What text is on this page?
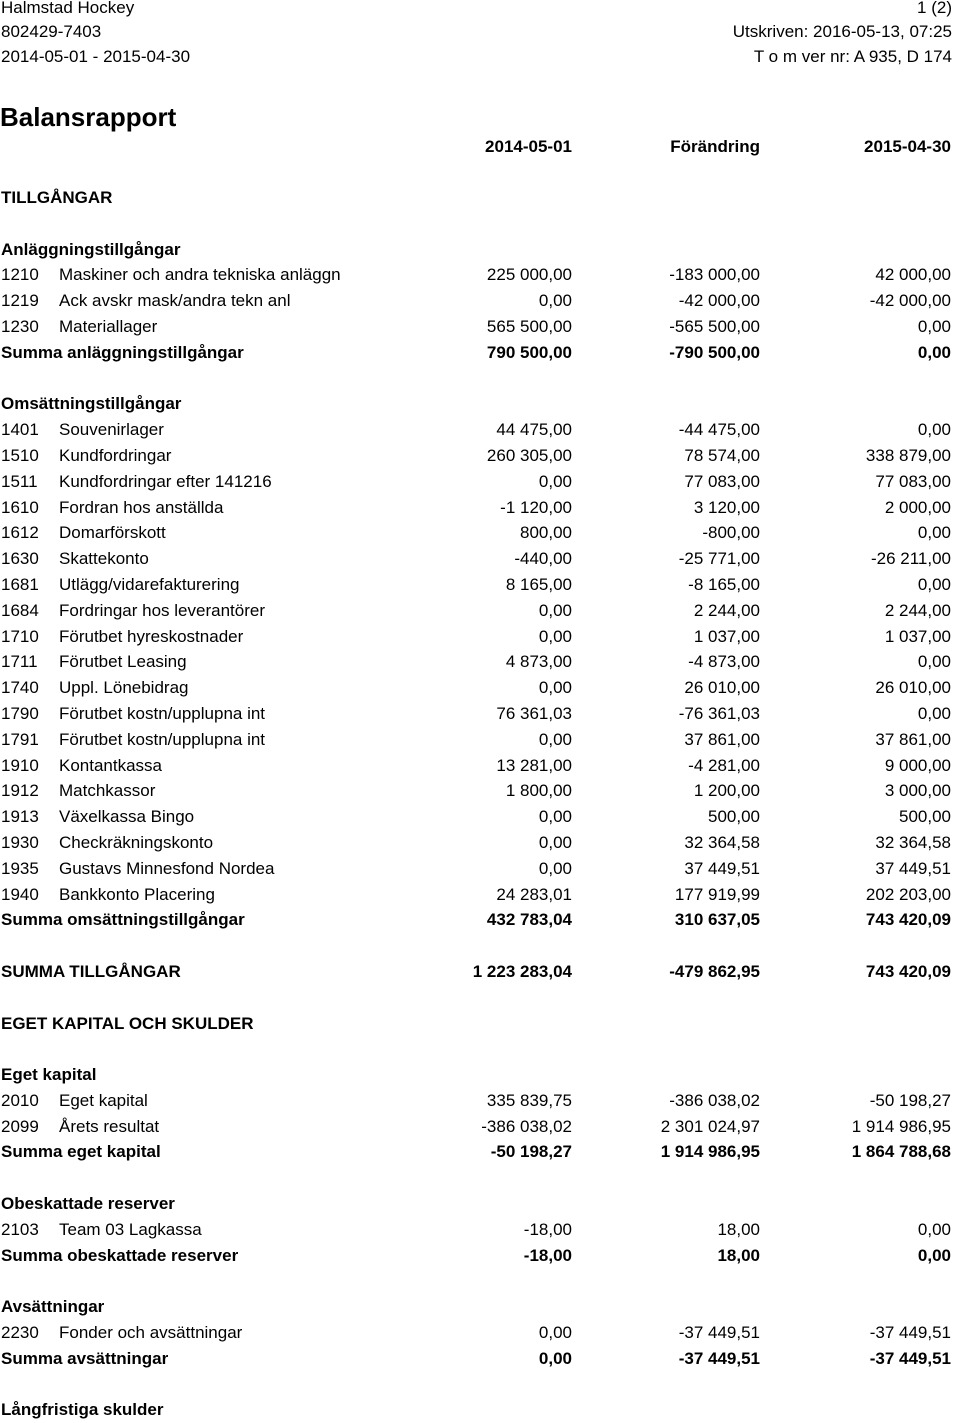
Halmstad Hockey	1 (2)
802429-7403	Utskriven: 2016-05-13, 07:25
2014-05-01 - 2015-04-30	T o m ver nr: A 935, D 174
Balansrapport
2014-05-01	Förändring	2015-04-30
TILLGÅNGAR
Anläggningstillgångar
1210 Maskiner och andra tekniska anläggn	225 000,00	-183 000,00	42 000,00
1219 Ack avskr mask/andra tekn anl	0,00	-42 000,00	-42 000,00
1230 Materiallager	565 500,00	-565 500,00	0,00
Summa anläggningstillgångar	790 500,00	-790 500,00	0,00
Omsättningstillgångar
1401 Souvenirlager	44 475,00	-44 475,00	0,00
1510 Kundfordringar	260 305,00	78 574,00	338 879,00
1511 Kundfordringar efter 141216	0,00	77 083,00	77 083,00
1610 Fordran hos anställda	-1 120,00	3 120,00	2 000,00
1612 Domarförskott	800,00	-800,00	0,00
1630 Skattekonto	-440,00	-25 771,00	-26 211,00
1681 Utlägg/vidarefakturering	8 165,00	-8 165,00	0,00
1684 Fordringar hos leverantörer	0,00	2 244,00	2 244,00
1710 Förutbet hyreskostnader	0,00	1 037,00	1 037,00
1711 Förutbet Leasing	4 873,00	-4 873,00	0,00
1740 Uppl. Lönebidrag	0,00	26 010,00	26 010,00
1790 Förutbet kostn/upplupna int	76 361,03	-76 361,03	0,00
1791 Förutbet kostn/upplupna int	0,00	37 861,00	37 861,00
1910 Kontantkassa	13 281,00	-4 281,00	9 000,00
1912 Matchkassor	1 800,00	1 200,00	3 000,00
1913 Växelkassa Bingo	0,00	500,00	500,00
1930 Checkräkningskonto	0,00	32 364,58	32 364,58
1935 Gustavs Minnesfond Nordea	0,00	37 449,51	37 449,51
1940 Bankkonto Placering	24 283,01	177 919,99	202 203,00
Summa omsättningstillgångar	432 783,04	310 637,05	743 420,09
SUMMA TILLGÅNGAR	1 223 283,04	-479 862,95	743 420,09
EGET KAPITAL OCH SKULDER
Eget kapital
2010 Eget kapital	335 839,75	-386 038,02	-50 198,27
2099 Årets resultat	-386 038,02	2 301 024,97	1 914 986,95
Summa eget kapital	-50 198,27	1 914 986,95	1 864 788,68
Obeskattade reserver
2103 Team 03 Lagkassa	-18,00	18,00	0,00
Summa obeskattade reserver	-18,00	18,00	0,00
Avsättningar
2230 Fonder och avsättningar	0,00	-37 449,51	-37 449,51
Summa avsättningar	0,00	-37 449,51	-37 449,51
Långfristiga skulder
